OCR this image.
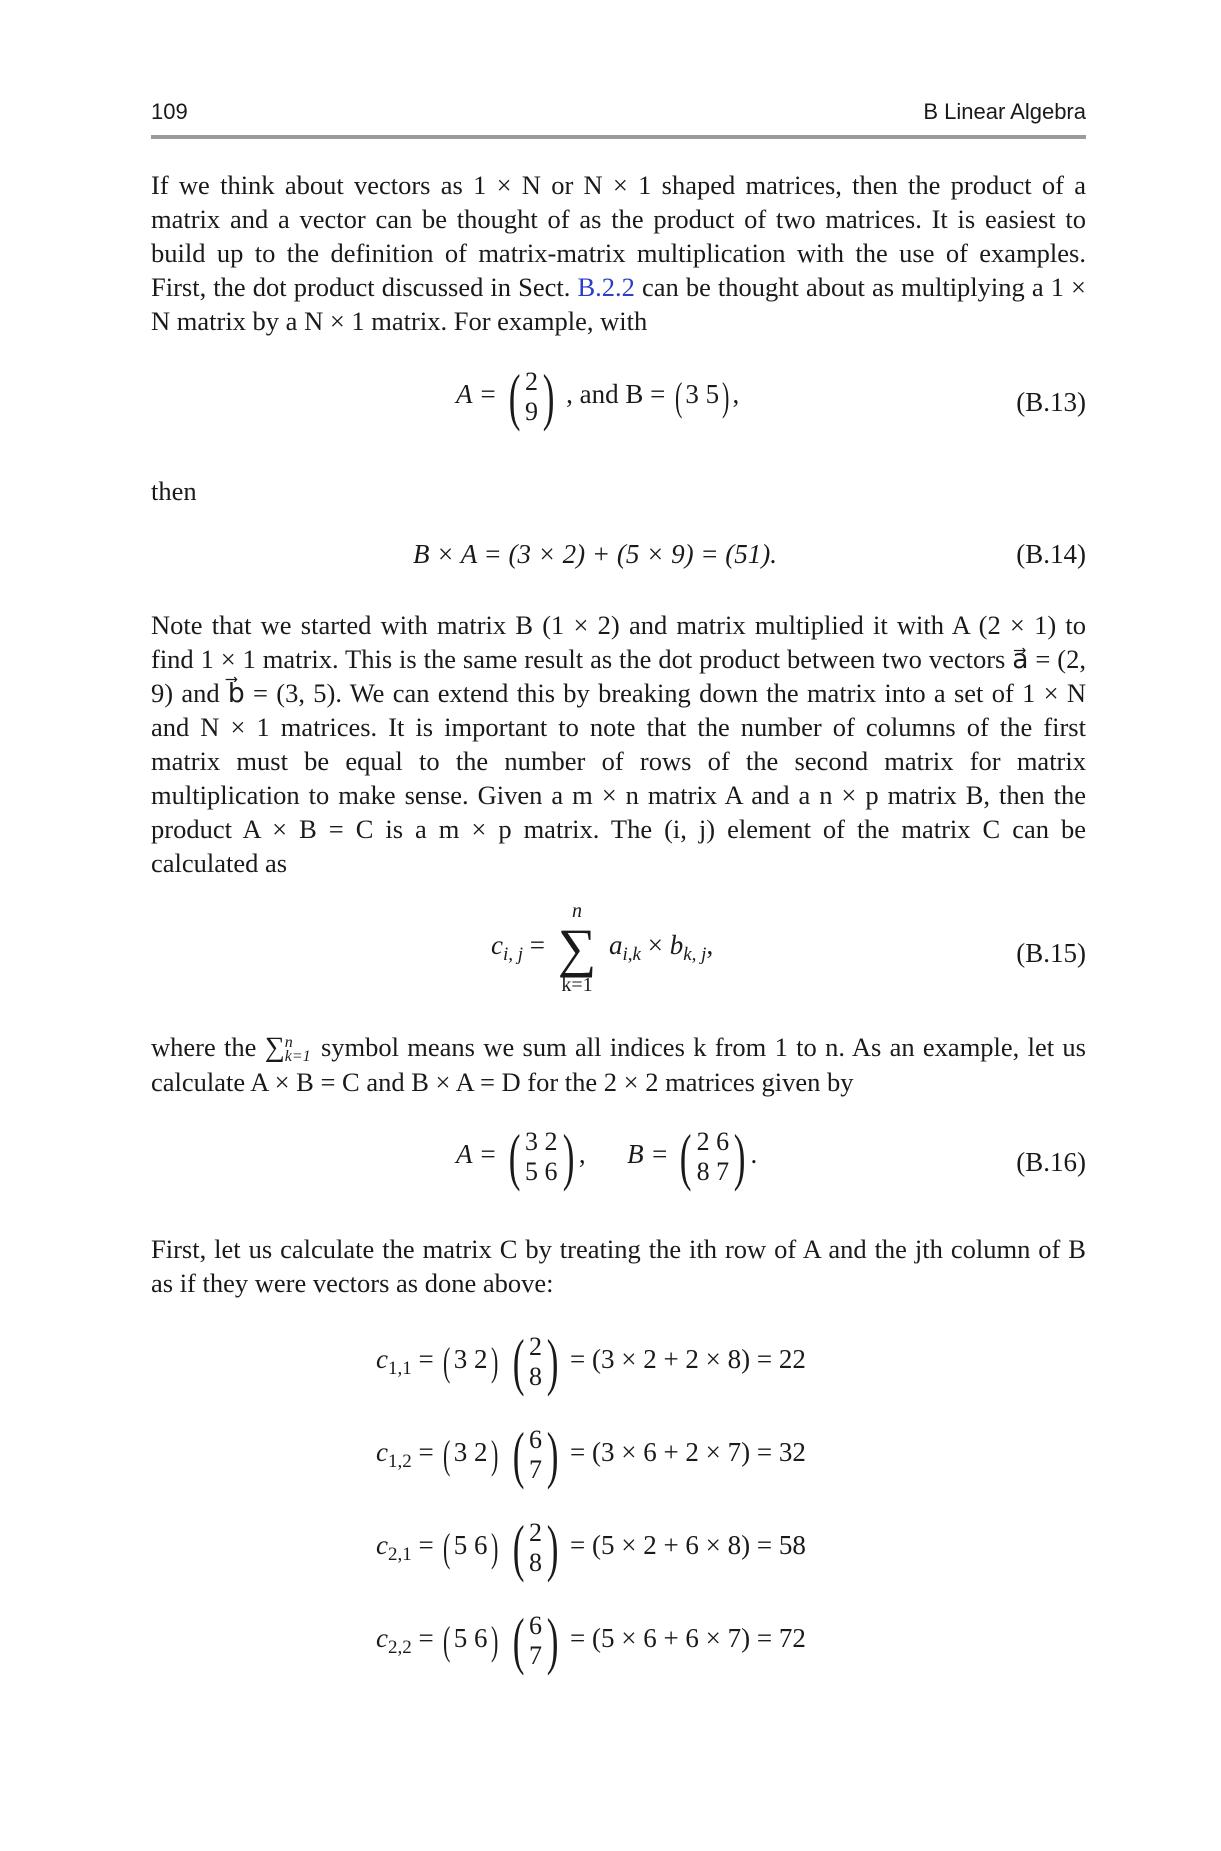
109	B Linear Algebra

If we think about vectors as 1 × N or N × 1 shaped matrices, then the product of a matrix and a vector can be thought of as the product of two matrices. It is easiest to build up to the definition of matrix-matrix multiplication with the use of examples. First, the dot product discussed in Sect. B.2.2 can be thought about as multiplying a 1 × N matrix by a N × 1 matrix. For example, with

A = ( 2
9 ) , and B = ( 3 5) ,	(B.13)

then

B × A = (3 × 2) + (5 × 9) = (51).	(B.14)

Note that we started with matrix B (1 × 2) and matrix multiplied it with A (2 × 1) to find 1 × 1 matrix. This is the same result as the dot product between two vectors a⃗ = (2, 9) and b⃗ = (3, 5). We can extend this by breaking down the matrix into a set of 1 × N and N × 1 matrices. It is important to note that the number of columns of the first matrix must be equal to the number of rows of the second matrix for matrix multiplication to make sense. Given a m × n matrix A and a n × p matrix B, then the product A × B = C is a m × p matrix. The (i, j) element of the matrix C can be calculated as

$c_{i, j}$ =
n
∑
k=1
$a_{i,k} \times b_{k, j}$,	(B.15)

where the ∑ n
k=1 symbol means we sum all indices k from 1 to n. As an example, let us calculate A × B = C and B × A = D for the 2 × 2 matrices given by

A = ( 3 2
5 6 ) , B = ( 2 6
8 7 ) .	(B.16)

First, let us calculate the matrix C by treating the ith row of A and the jth column of B as if they were vectors as done above:

$c_{1,1}$ = ( 3 2) ( 2
8 ) = (3 × 2 + 2 × 8) = 22
$c_{1,2}$ = ( 3 2) ( 6
7 ) = (3 × 6 + 2 × 7) = 32
$c_{2,1}$ = ( 5 6) ( 2
8 ) = (5 × 2 + 6 × 8) = 58
$c_{2,2}$ = ( 5 6) ( 6
7 ) = (5 × 6 + 6 × 7) = 72
